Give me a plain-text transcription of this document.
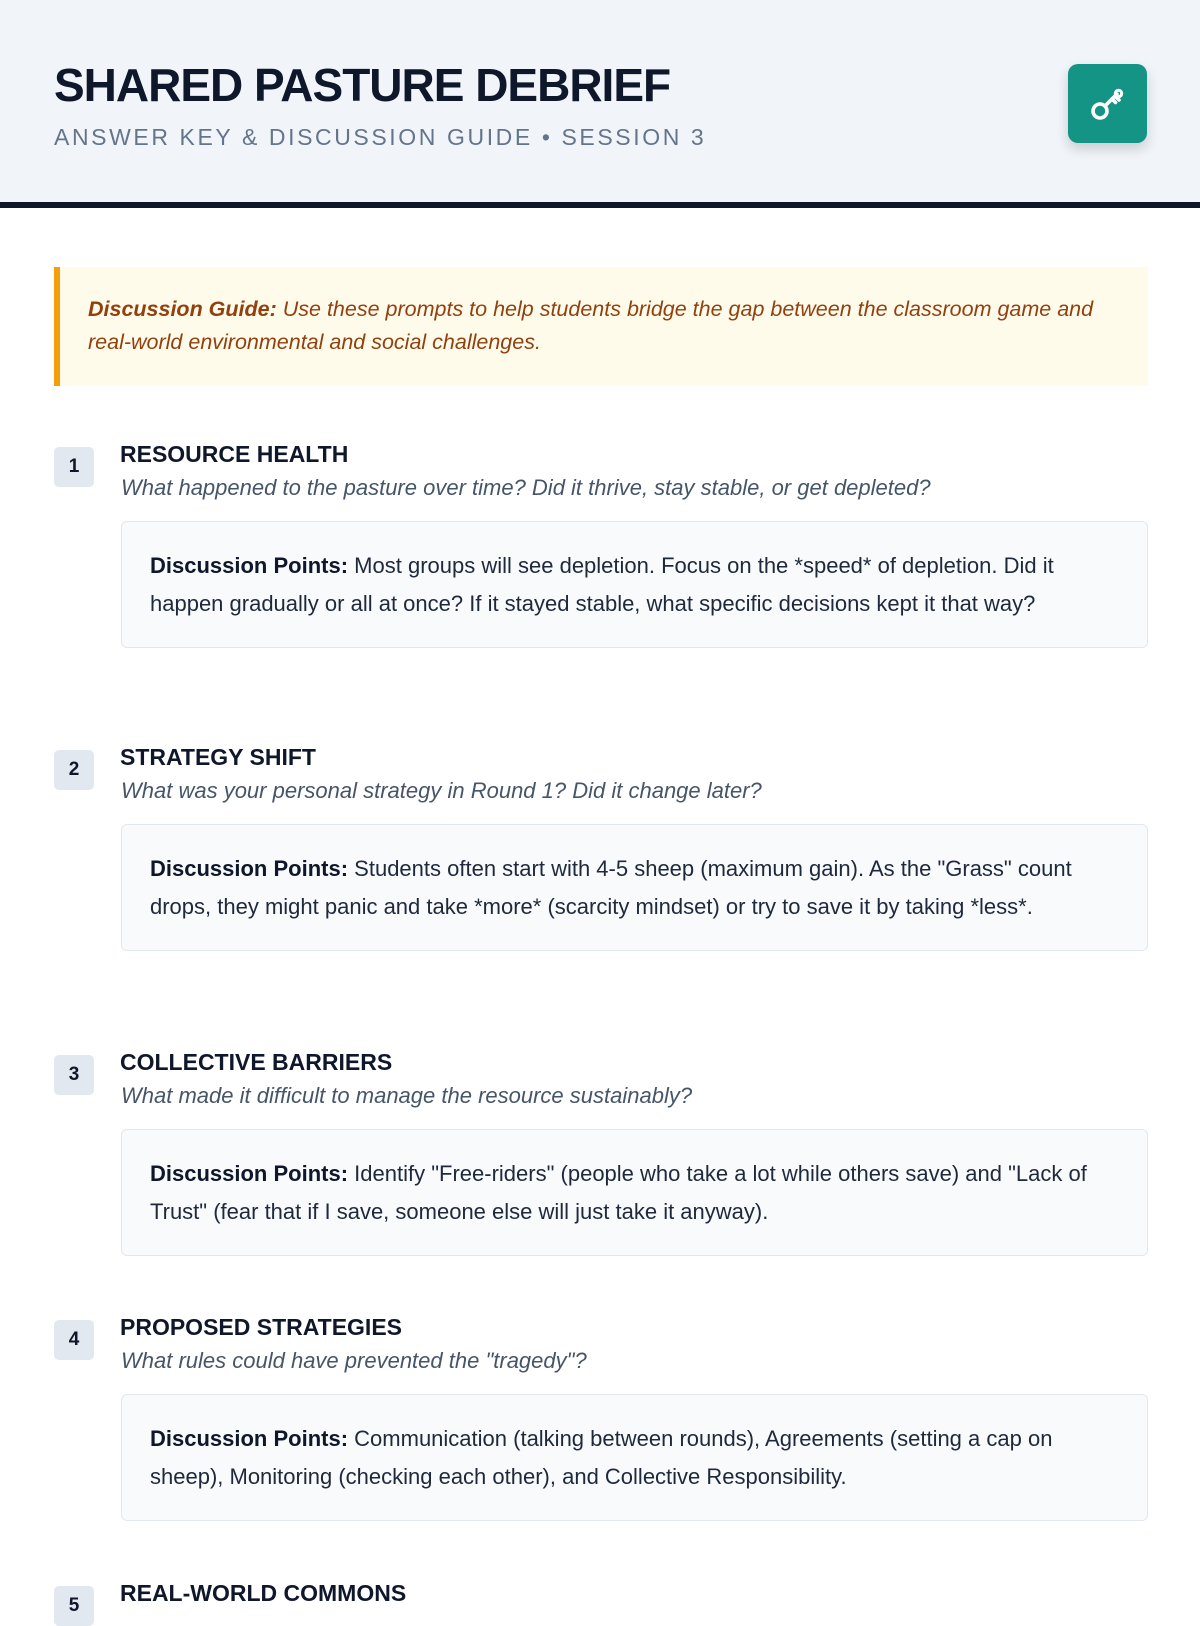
SHARED PASTURE DEBRIEF
ANSWER KEY & DISCUSSION GUIDE • SESSION 3
Discussion Guide: Use these prompts to help students bridge the gap between the classroom game and real-world environmental and social challenges.
1	RESOURCE HEALTH
What happened to the pasture over time? Did it thrive, stay stable, or get depleted?
Discussion Points: Most groups will see depletion. Focus on the *speed* of depletion. Did it happen gradually or all at once? If it stayed stable, what specific decisions kept it that way?
2	STRATEGY SHIFT
What was your personal strategy in Round 1? Did it change later?
Discussion Points: Students often start with 4-5 sheep (maximum gain). As the "Grass" count drops, they might panic and take *more* (scarcity mindset) or try to save it by taking *less*.
3	COLLECTIVE BARRIERS
What made it difficult to manage the resource sustainably?
Discussion Points: Identify "Free-riders" (people who take a lot while others save) and "Lack of Trust" (fear that if I save, someone else will just take it anyway).
4	PROPOSED STRATEGIES
What rules could have prevented the "tragedy"?
Discussion Points: Communication (talking between rounds), Agreements (setting a cap on sheep), Monitoring (checking each other), and Collective Responsibility.
5	REAL-WORLD COMMONS
